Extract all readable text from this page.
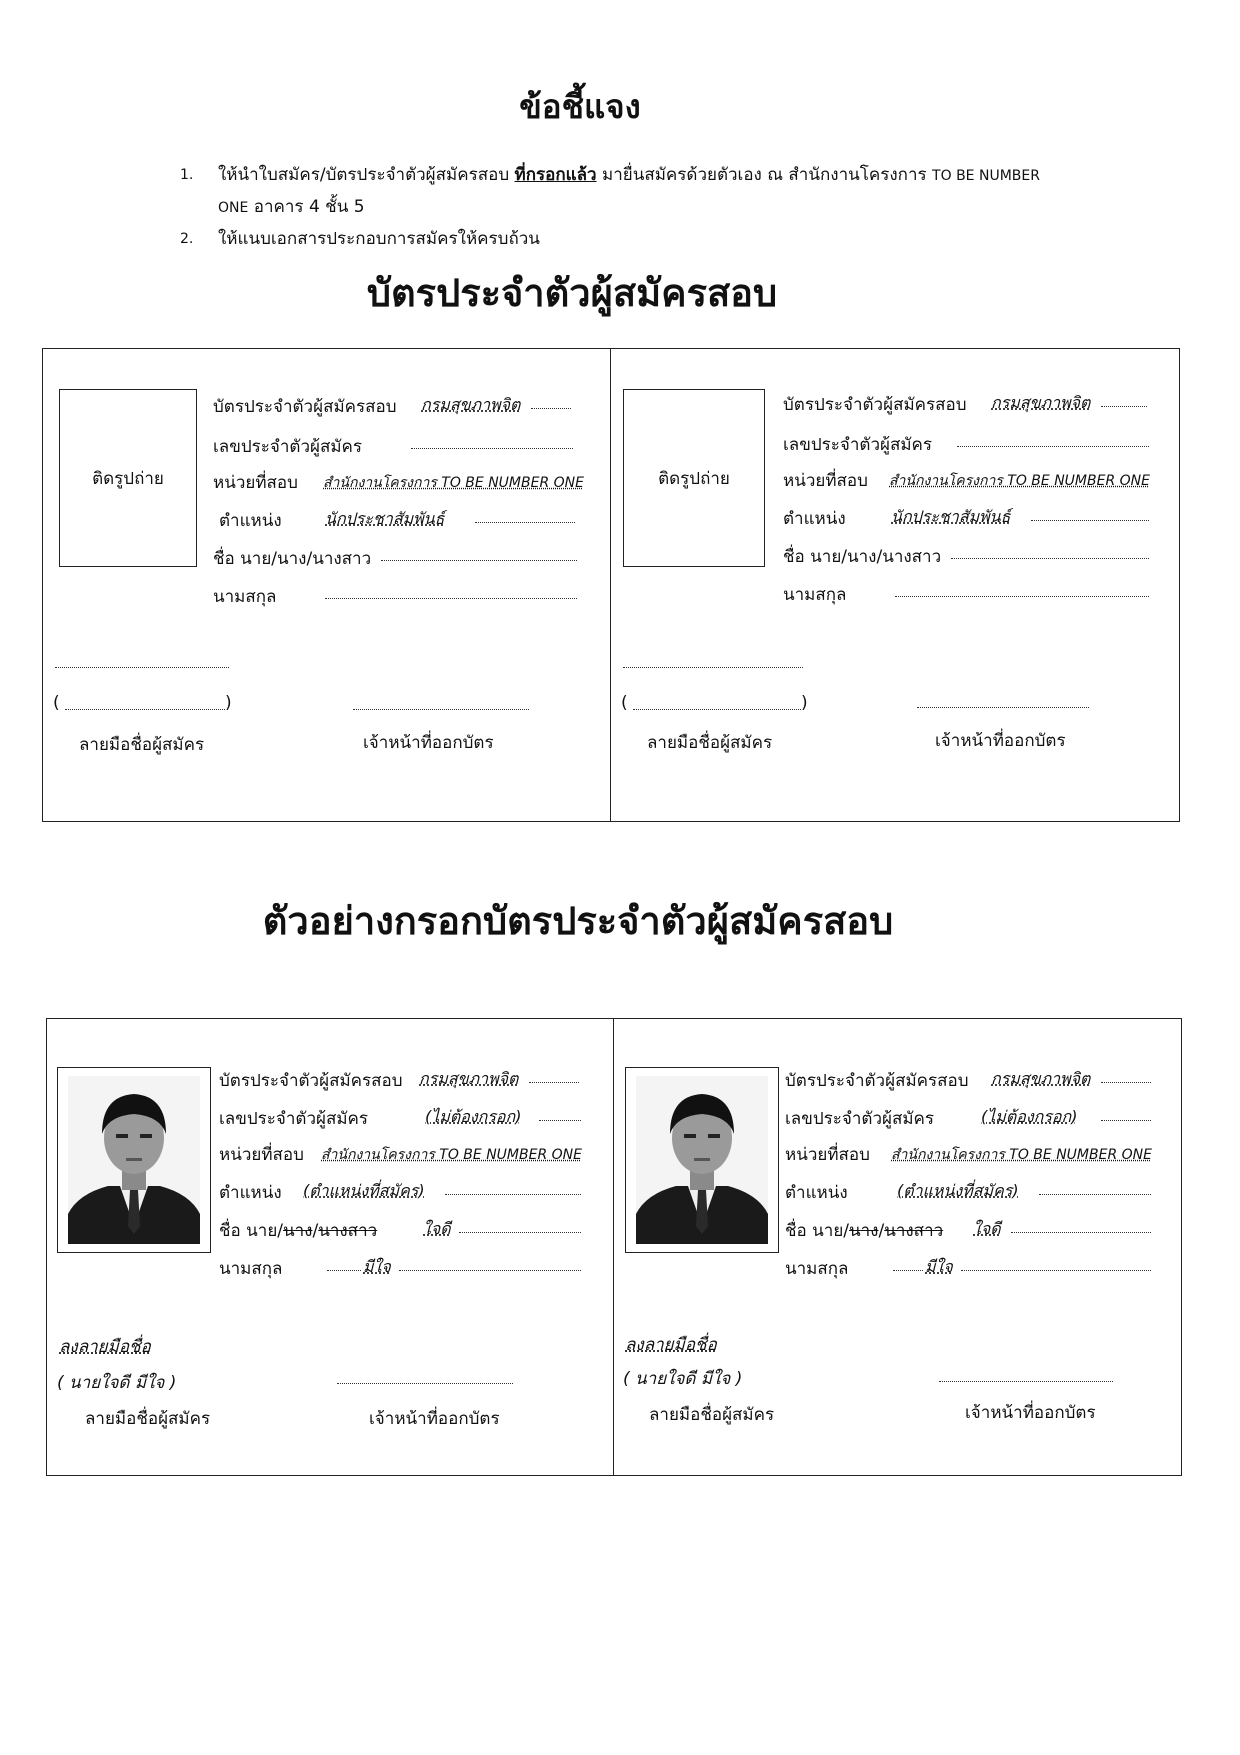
ข้อชี้แจง
1. ให้นำใบสมัคร/บัตรประจำตัวผู้สมัครสอบ ที่กรอกแล้ว มายื่นสมัครด้วยตัวเอง ณ สำนักงานโครงการ TO BE NUMBER
ONE อาคาร 4 ชั้น 5
2. ให้แนบเอกสารประกอบการสมัครให้ครบถ้วน
บัตรประจำตัวผู้สมัครสอบ
ติดรูปถ่าย
บัตรประจำตัวผู้สมัครสอบ กรมสุขภาพจิต
เลขประจำตัวผู้สมัคร
หน่วยที่สอบ สำนักงานโครงการ TO BE NUMBER ONE
ตำแหน่ง	นักประชาสัมพันธ์
ชื่อ นาย/นาง/นางสาว
นามสกุล
(	)
ลายมือชื่อผู้สมัคร	เจ้าหน้าที่ออกบัตร
ติดรูปถ่าย
บัตรประจำตัวผู้สมัครสอบ กรมสุขภาพจิต
เลขประจำตัวผู้สมัคร
หน่วยที่สอบ สำนักงานโครงการ TO BE NUMBER ONE
ตำแหน่ง	นักประชาสัมพันธ์
ชื่อ นาย/นาง/นางสาว
นามสกุล
(	)
ลายมือชื่อผู้สมัคร	เจ้าหน้าที่ออกบัตร
ตัวอย่างกรอกบัตรประจำตัวผู้สมัครสอบ
บัตรประจำตัวผู้สมัครสอบ กรมสุขภาพจิต
เลขประจำตัวผู้สมัคร	(ไม่ต้องกรอก)
หน่วยที่สอบ สำนักงานโครงการ TO BE NUMBER ONE
ตำแหน่ง (ตำแหน่งที่สมัคร)
ชื่อ นาย/นาง/นางสาว	ใจดี
นามสกุล	มีใจ
ลงลายมือชื่อ
( นายใจดี มีใจ )
ลายมือชื่อผู้สมัคร	เจ้าหน้าที่ออกบัตร
บัตรประจำตัวผู้สมัครสอบ กรมสุขภาพจิต
เลขประจำตัวผู้สมัคร	(ไม่ต้องกรอก)
หน่วยที่สอบ สำนักงานโครงการ TO BE NUMBER ONE
ตำแหน่ง	(ตำแหน่งที่สมัคร)
ชื่อ นาย/นาง/นางสาว ใจดี
นามสกุล	มีใจ
ลงลายมือชื่อ
( นายใจดี มีใจ )
ลายมือชื่อผู้สมัคร	เจ้าหน้าที่ออกบัตร
